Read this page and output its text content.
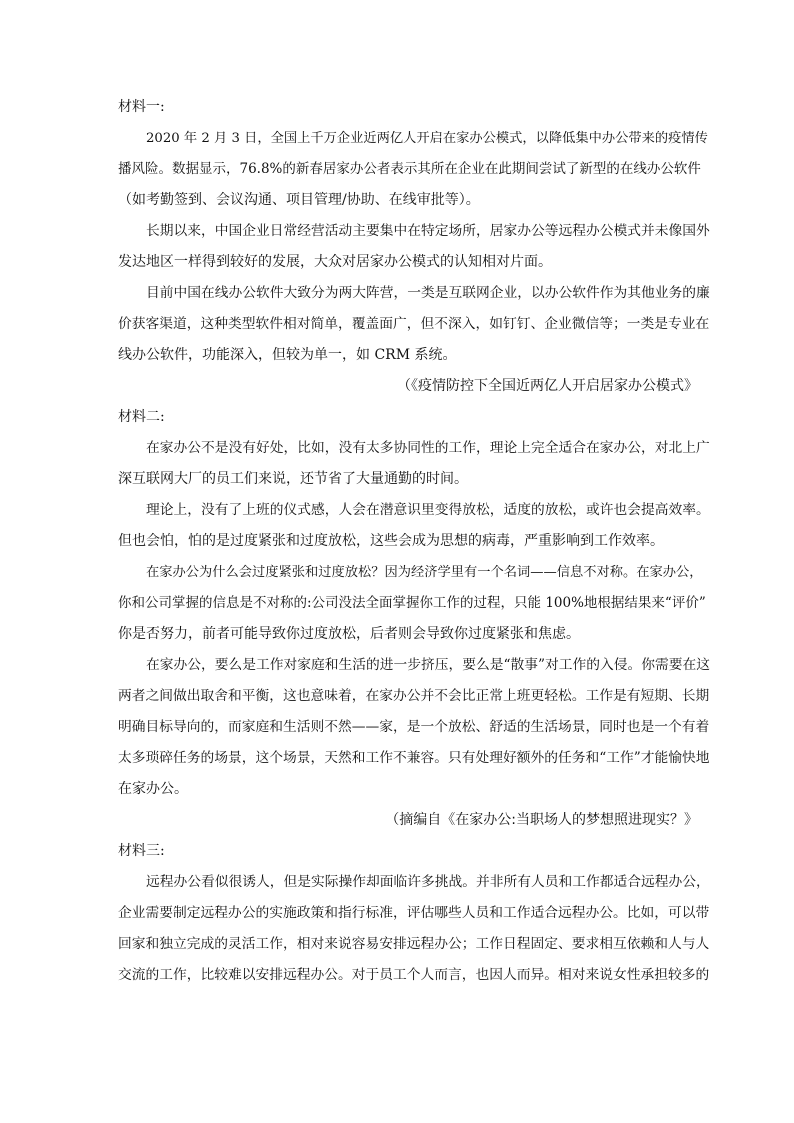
材料一:

2020 年 2 月 3 日，全国上千万企业近两亿人开启在家办公模式，以降低集中办公带来的疫情传
播风险。数据显示，76.8%的新春居家办公者表示其所在企业在此期间尝试了新型的在线办公软件
（如考勤签到、会议沟通、项目管理/协助、在线审批等）。

长期以来，中国企业日常经营活动主要集中在特定场所，居家办公等远程办公模式并未像国外
发达地区一样得到较好的发展，大众对居家办公模式的认知相对片面。

目前中国在线办公软件大致分为两大阵营，一类是互联网企业，以办公软件作为其他业务的廉
价获客渠道，这种类型软件相对简单，覆盖面广，但不深入，如钉钉、企业微信等；一类是专业在
线办公软件，功能深入，但较为单一，如 CRM 系统。

（《疫情防控下全国近两亿人开启居家办公模式》
材料二:

在家办公不是没有好处，比如，没有太多协同性的工作，理论上完全适合在家办公，对北上广
深互联网大厂的员工们来说，还节省了大量通勤的时间。

理论上，没有了上班的仪式感，人会在潜意识里变得放松，适度的放松，或许也会提高效率。
但也会怕，怕的是过度紧张和过度放松，这些会成为思想的病毒，严重影响到工作效率。

在家办公为什么会过度紧张和过度放松？因为经济学里有一个名词——信息不对称。在家办公，
你和公司掌握的信息是不对称的:公司没法全面掌握你工作的过程，只能 100%地根据结果来“评价”
你是否努力，前者可能导致你过度放松，后者则会导致你过度紧张和焦虑。

在家办公，要么是工作对家庭和生活的进一步挤压，要么是“散事”对工作的入侵。你需要在这
两者之间做出取舍和平衡，这也意味着，在家办公并不会比正常上班更轻松。工作是有短期、长期
明确目标导向的，而家庭和生活则不然——家，是一个放松、舒适的生活场景，同时也是一个有着
太多琐碎任务的场景，这个场景，天然和工作不兼容。只有处理好额外的任务和“工作”才能愉快地
在家办公。

（摘编自《在家办公:当职场人的梦想照进现实？》
材料三:

远程办公看似很诱人，但是实际操作却面临许多挑战。并非所有人员和工作都适合远程办公，
企业需要制定远程办公的实施政策和指行标准，评估哪些人员和工作适合远程办公。比如，可以带
回家和独立完成的灵活工作，相对来说容易安排远程办公；工作日程固定、要求相互依赖和人与人
交流的工作，比较难以安排远程办公。对于员工个人而言，也因人而异。相对来说女性承担较多的
